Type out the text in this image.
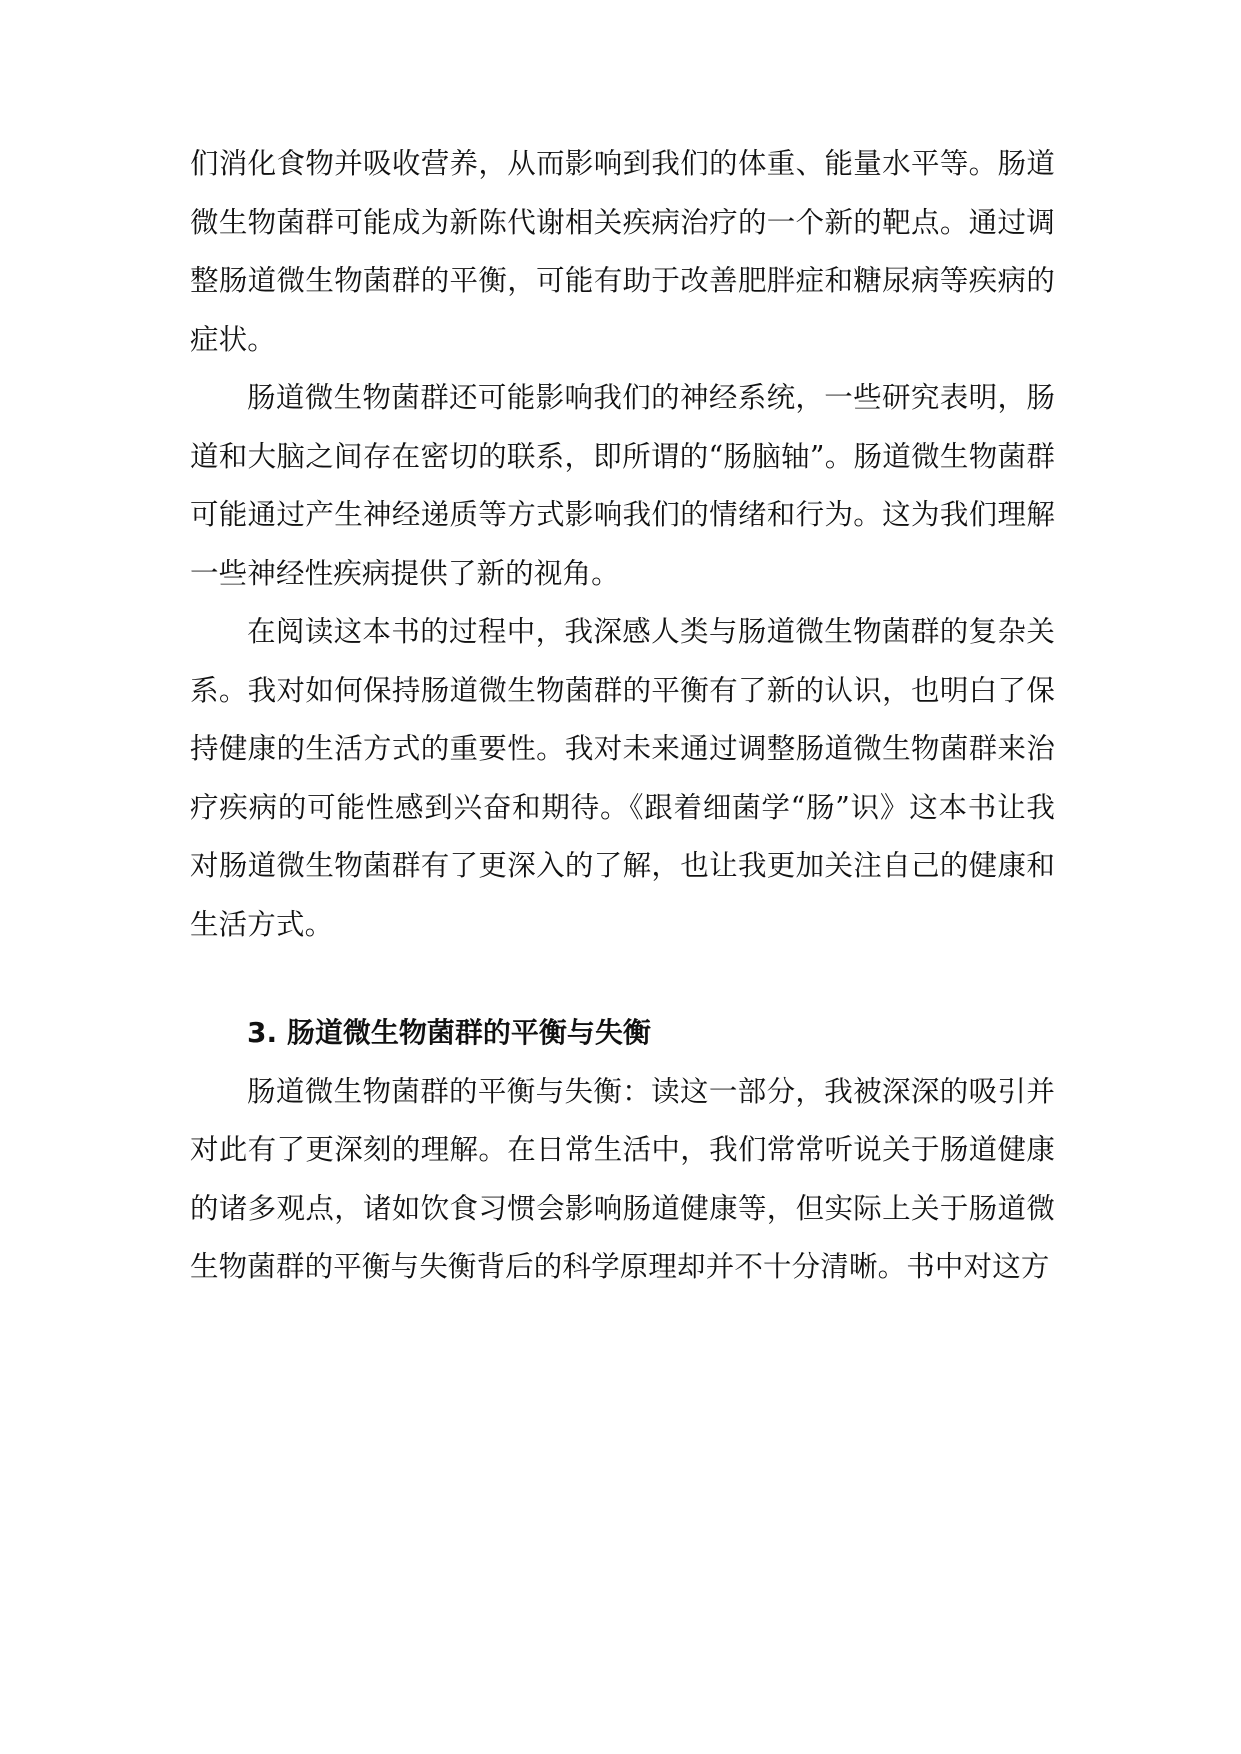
们消化食物并吸收营养，从而影响到我们的体重、能量水平等。肠道微生物菌群可能成为新陈代谢相关疾病治疗的一个新的靶点。通过调整肠道微生物菌群的平衡，可能有助于改善肥胖症和糖尿病等疾病的症状。

肠道微生物菌群还可能影响我们的神经系统，一些研究表明，肠道和大脑之间存在密切的联系，即所谓的“肠脑轴”。肠道微生物菌群可能通过产生神经递质等方式影响我们的情绪和行为。这为我们理解一些神经性疾病提供了新的视角。

在阅读这本书的过程中，我深感人类与肠道微生物菌群的复杂关系。我对如何保持肠道微生物菌群的平衡有了新的认识，也明白了保持健康的生活方式的重要性。我对未来通过调整肠道微生物菌群来治疗疾病的可能性感到兴奋和期待。《跟着细菌学“肠”识》这本书让我对肠道微生物菌群有了更深入的了解，也让我更加关注自己的健康和生活方式。

3. 肠道微生物菌群的平衡与失衡

肠道微生物菌群的平衡与失衡：读这一部分，我被深深的吸引并对此有了更深刻的理解。在日常生活中，我们常常听说关于肠道健康的诸多观点，诸如饮食习惯会影响肠道健康等，但实际上关于肠道微生物菌群的平衡与失衡背后的科学原理却并不十分清晰。书中对这方
